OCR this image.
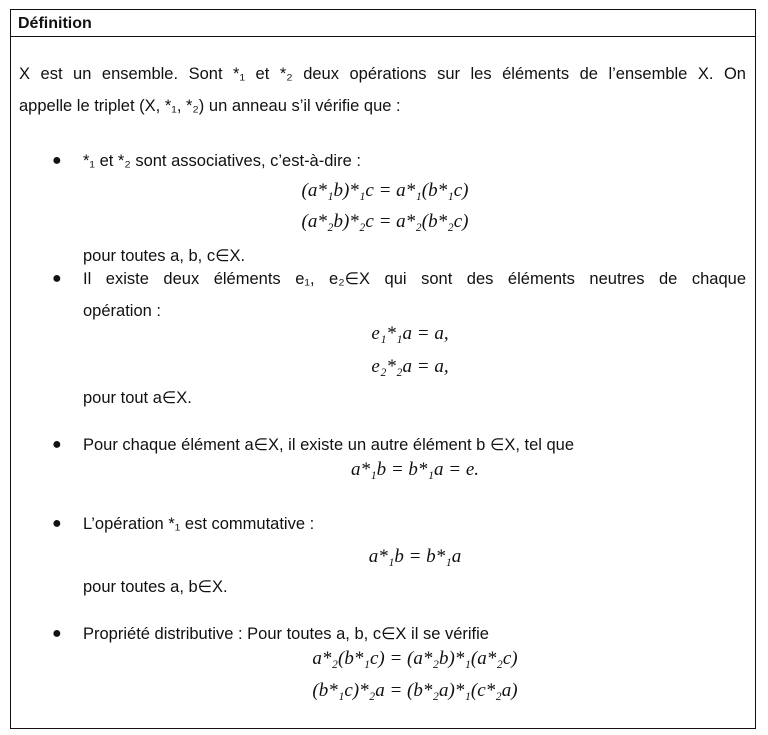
Définition
X est un ensemble. Sont *₁ et *₂ deux opérations sur les éléments de l’ensemble X. On
appelle le triplet (X, *₁, *₂) un anneau s’il vérifie que :
● *₁ et *₂ sont associatives, c’est-à-dire :
(a*₁b)*₁c = a*₁(b*₁c)
(a*₂b)*₂c = a*₂(b*₂c)
pour toutes a, b, c∈X.
● Il existe deux éléments e₁, e₂∈X qui sont des éléments neutres de chaque
opération :
e₁*₁a = a,
e₂*₂a = a,
pour tout a∈X.
● Pour chaque élément a∈X, il existe un autre élément b ∈X, tel que
a*₁b = b*₁a = e.
● L’opération *₁ est commutative :
a*₁b = b*₁a
pour toutes a, b∈X.
● Propriété distributive : Pour toutes a, b, c∈X il se vérifie
a*₂(b*₁c) = (a*₂b)*₁(a*₂c)
(b*₁c)*₂a = (b*₂a)*₁(c*₂a)
